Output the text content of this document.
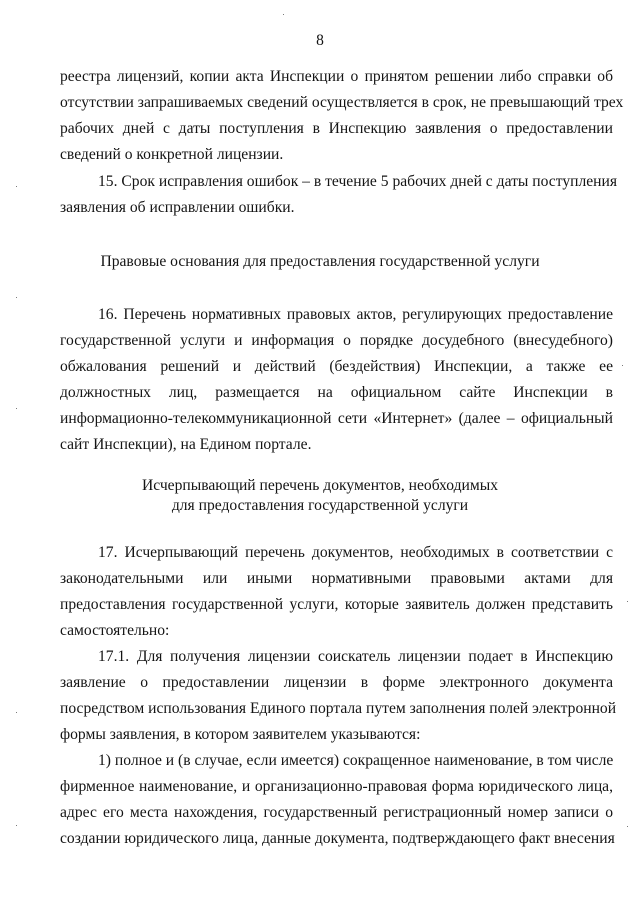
8
реестра лицензий, копии акта Инспекции о принятом решении либо справки об
отсутствии запрашиваемых сведений осуществляется в срок, не превышающий трех
рабочих дней с даты поступления в Инспекцию заявления о предоставлении
сведений о конкретной лицензии.
15. Срок исправления ошибок – в течение 5 рабочих дней с даты поступления
заявления об исправлении ошибки.
Правовые основания для предоставления государственной услуги
16. Перечень нормативных правовых актов, регулирующих предоставление
государственной услуги и информация о порядке досудебного (внесудебного)
обжалования решений и действий (бездействия) Инспекции, а также ее
должностных лиц, размещается на официальном сайте Инспекции в
информационно-телекоммуникационной сети «Интернет» (далее – официальный
сайт Инспекции), на Едином портале.
Исчерпывающий перечень документов, необходимых
для предоставления государственной услуги
17. Исчерпывающий перечень документов, необходимых в соответствии с
законодательными или иными нормативными правовыми актами для
предоставления государственной услуги, которые заявитель должен представить
самостоятельно:
17.1. Для получения лицензии соискатель лицензии подает в Инспекцию
заявление о предоставлении лицензии в форме электронного документа
посредством использования Единого портала путем заполнения полей электронной
формы заявления, в котором заявителем указываются:
1) полное и (в случае, если имеется) сокращенное наименование, в том числе
фирменное наименование, и организационно-правовая форма юридического лица,
адрес его места нахождения, государственный регистрационный номер записи о
создании юридического лица, данные документа, подтверждающего факт внесения
